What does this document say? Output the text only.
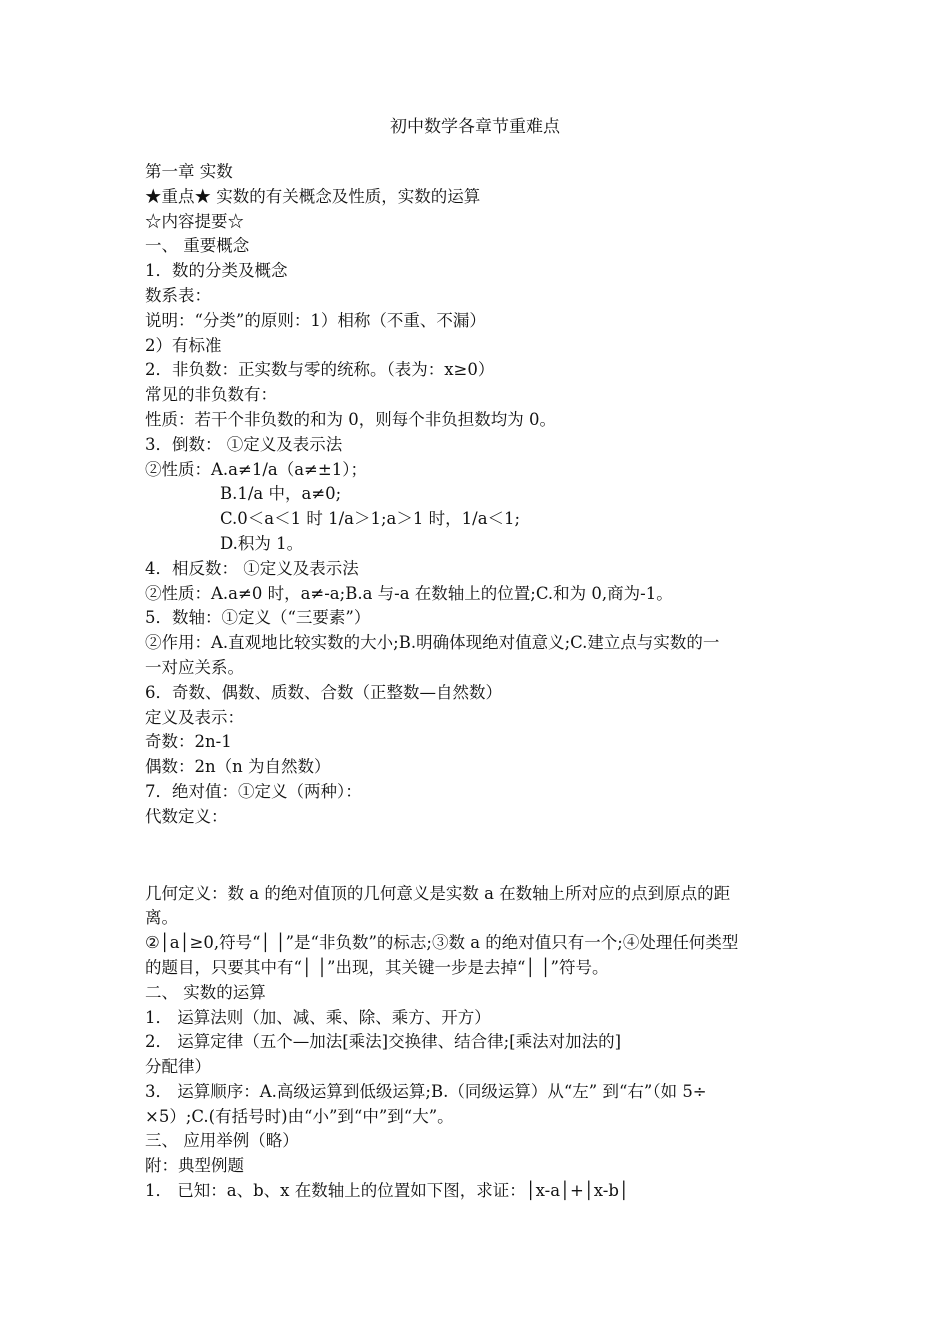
初中数学各章节重难点
第一章 实数
★重点★ 实数的有关概念及性质，实数的运算
☆内容提要☆
一、 重要概念
1．数的分类及概念
数系表：
说明：“分类”的原则：1）相称（不重、不漏）
2）有标准
2．非负数：正实数与零的统称。（表为：x≥0）
常见的非负数有：
性质：若干个非负数的和为 0，则每个非负担数均为 0。
3．倒数： ①定义及表示法
②性质：A.a≠1/a（a≠±1）；
B.1/a 中，a≠0;
C.0＜a＜1 时 1/a＞1;a＞1 时，1/a＜1;
D.积为 1。
4．相反数： ①定义及表示法
②性质：A.a≠0 时，a≠-a;B.a 与-a 在数轴上的位置;C.和为 0,商为-1。
5．数轴：①定义（“三要素”）
②作用：A.直观地比较实数的大小;B.明确体现绝对值意义;C.建立点与实数的一
一对应关系。
6．奇数、偶数、质数、合数（正整数—自然数）
定义及表示：
奇数：2n-1
偶数：2n（n 为自然数）
7．绝对值：①定义（两种）：
代数定义：
几何定义：数 a 的绝对值顶的几何意义是实数 a 在数轴上所对应的点到原点的距
离。
②│a│≥0,符号“│ │”是“非负数”的标志;③数 a 的绝对值只有一个;④处理任何类型
的题目，只要其中有“│ │”出现，其关键一步是去掉“│ │”符号。
二、 实数的运算
1． 运算法则（加、减、乘、除、乘方、开方）
2． 运算定律（五个—加法[乘法]交换律、结合律;[乘法对加法的]
分配律）
3． 运算顺序：A.高级运算到低级运算;B.（同级运算）从“左” 到“右”（如 5÷
×5）;C.(有括号时)由“小”到“中”到“大”。
三、 应用举例（略）
附：典型例题
1． 已知：a、b、x 在数轴上的位置如下图，求证：│x-a│+│x-b│
